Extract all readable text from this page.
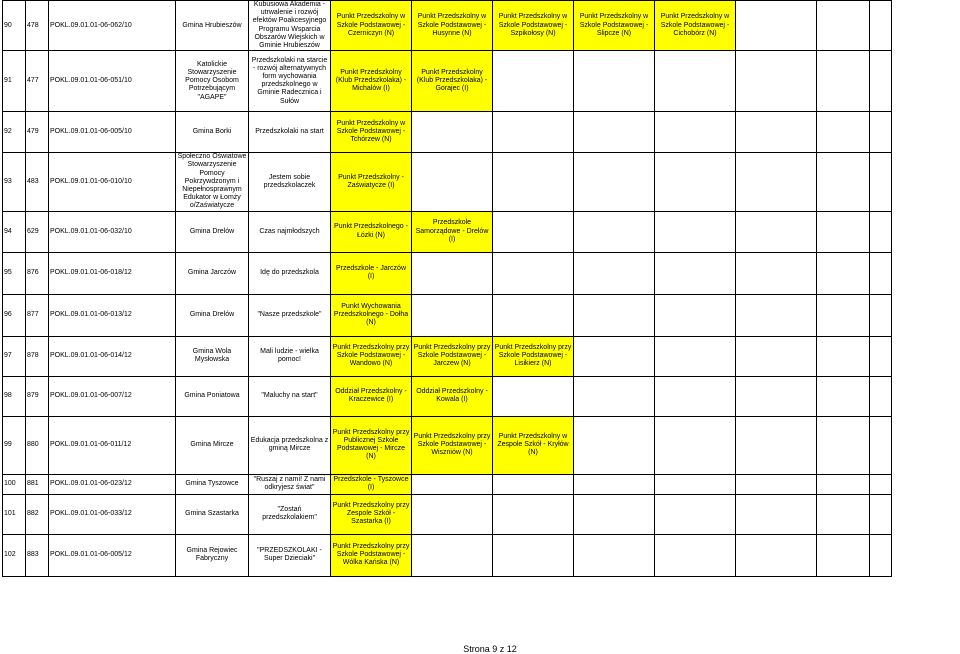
90	478	POKL.09.01.01-06-062/10	Gmina Hrubieszów	Kubusiowa Akademia - utrwalenie i rozwój efektów Poakcesyjnego Programu Wsparcia Obszarów Wiejskich w Gminie Hrubieszów	Punkt Przedszkolny w Szkole Podstawowej - Czerniczyn (N)	Punkt Przedszkolny w Szkole Podstawowej - Husynne (N)	Punkt Przedszkolny w Szkole Podstawowej - Szpikołosy (N)	Punkt Przedszkolny w Szkole Podstawowej - Ślipcze (N)	Punkt Przedszkolny w Szkole Podstawowej - Cichobórz (N)			
91	477	POKL.09.01.01-06-051/10	Katolickie Stowarzyszenie Pomocy Osobom Potrzebującym "AGAPE"	Przedszkolaki na starcie - rozwój alternatywnych form wychowania przedszkolnego w Gminie Radecznica i Sułów	Punkt Przedszkolny (Klub Przedszkolaka) - Michalów (I)	Punkt Przedszkolny (Klub Przedszkolaka) - Gorajec (I)						
92	479	POKL.09.01.01-06-005/10	Gmina Borki	Przedszkolaki na start	Punkt Przedszkolny w Szkole Podstawowej - Tchórzew (N)							
93	483	POKL.09.01.01-06-010/10	Społeczno Oświatowe Stowarzyszenie Pomocy Pokrzywdzonym i Niepełnosprawnym Edukator w Łomży o/Zaświatycze	Jestem sobie przedszkolaczek	Punkt Przedszkolny - Zaświatycze (I)							
94	629	POKL.09.01.01-06-032/10	Gmina Drelów	Czas najmłodszych	Punkt Przedszkolnego - Łózki (N)	Przedszkole Samorządowe - Drelów (I)						
95	876	POKL.09.01.01-06-018/12	Gmina Jarczów	Idę do przedszkola	Przedszkole - Jarczów (I)							
96	877	POKL.09.01.01-06-013/12	Gmina Drelów	"Nasze przedszkole"	Punkt Wychowania Przedszkolnego - Dołha (N)							
97	878	POKL.09.01.01-06-014/12	Gmina Wola Mysłowska	Mali ludzie - wielka pomoc!	Punkt Przedszkolny przy Szkole Podstawowej - Wandowo (N)	Punkt Przedszkolny przy Szkole Podstawowej - Jarczew (N)	Punkt Przedszkolny przy Szkole Podstawowej - Lisikierz (N)					
98	879	POKL.09.01.01-06-007/12	Gmina Poniatowa	"Maluchy na start"	Oddział Przedszkolny - Kraczewice (I)	Oddział Przedszkolny - Kowala (I)						
99	880	POKL.09.01.01-06-011/12	Gmina Mircze	Edukacja przedszkolna z gminą Mircze	Punkt Przedszkolny przy Publicznej Szkole Podstawowej - Mircze (N)	Punkt Przedszkolny przy Szkole Podstawowej - Wiszniów (N)	Punkt Przedszkolny w Zespole Szkół - Kryłów (N)					
100	881	POKL.09.01.01-06-023/12	Gmina Tyszowce	"Ruszaj z nami! Z nami odkryjesz świat"	Przedszkole - Tyszowce (I)							
101	882	POKL.09.01.01-06-033/12	Gmina Szastarka	"Zostań przedszkolakiem"	Punkt Przedszkolny przy Zespole Szkół - Szastarka (I)							
102	883	POKL.09.01.01-06-005/12	Gmina Rejowiec Fabryczny	"PRZEDSZKOLAKI - Super Dzieciaki"	Punkt Przedszkolny przy Szkole Podstawowej - Wólka Kańska (N)							
Strona 9 z 12
